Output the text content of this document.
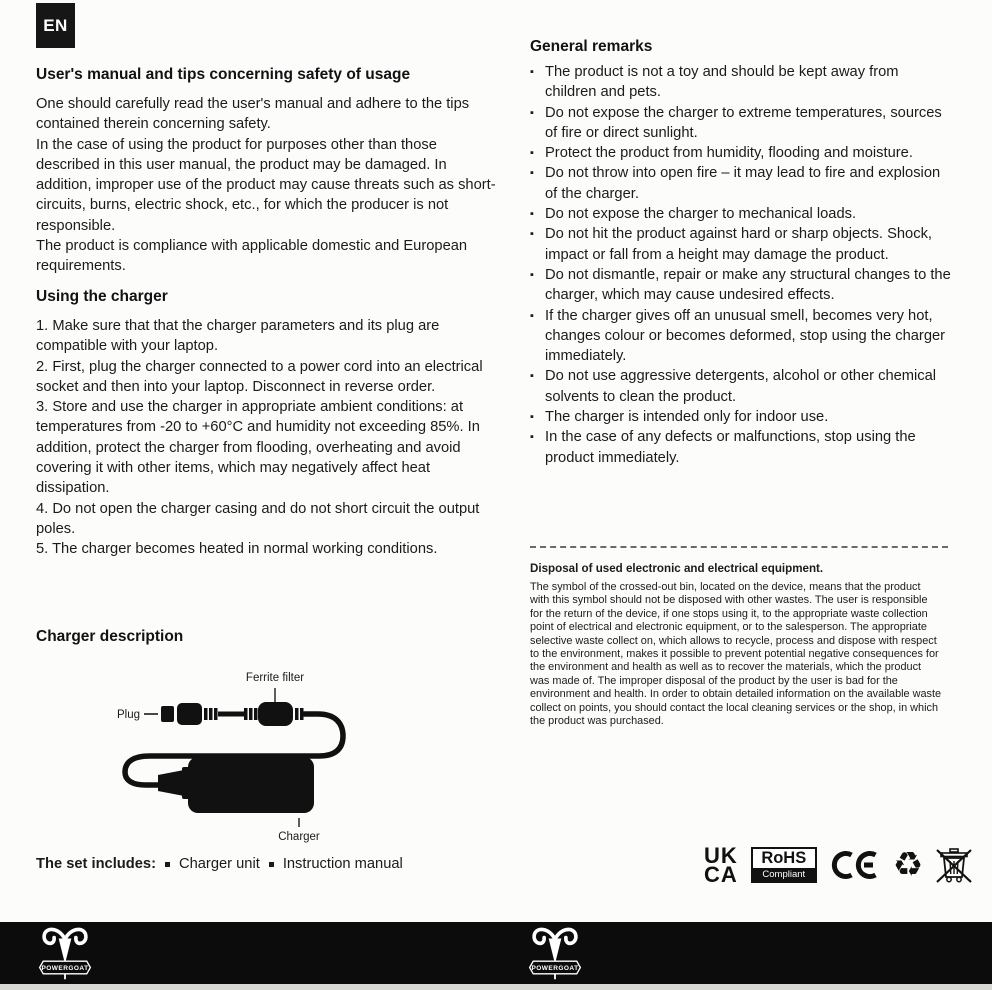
EN
User's manual and tips concerning safety of usage

One should carefully read the user's manual and adhere to the tips contained therein concerning safety.

In the case of using the product for purposes other than those described in this user manual, the product may be damaged. In addition, improper use of the product may cause threats such as short-circuits, burns, electric shock, etc., for which the producer is not responsible.

The product is compliance with applicable domestic and European requirements.

Using the charger

1. Make sure that that the charger parameters and its plug are compatible with your laptop.

2. First, plug the charger connected to a power cord into an electrical socket and then into your laptop. Disconnect in reverse order.

3. Store and use the charger in appropriate ambient conditions: at temperatures from -20 to +60°C and humidity not exceeding 85%. In addition, protect the charger from flooding, overheating and avoid covering it with other items, which may negatively affect heat dissipation.

4. Do not open the charger casing and do not short circuit the output poles.

5. The charger becomes heated in normal working conditions.

Charger description
Ferrite filter
Plug
Charger
The set includes: Charger unit Instruction manual
General remarks
▪ The product is not a toy and should be kept away from children and pets.
▪ Do not expose the charger to extreme temperatures, sources of fire or direct sunlight.
▪ Protect the product from humidity, flooding and moisture.
▪ Do not throw into open fire – it may lead to fire and explosion of the charger.
▪ Do not expose the charger to mechanical loads.
▪ Do not hit the product against hard or sharp objects. Shock, impact or fall from a height may damage the product.
▪ Do not dismantle, repair or make any structural changes to the charger, which may cause undesired effects.
▪ If the charger gives off an unusual smell, becomes very hot, changes colour or becomes deformed, stop using the charger immediately.
▪ Do not use aggressive detergents, alcohol or other chemical solvents to clean the product.
▪ The charger is intended only for indoor use.
▪ In the case of any defects or malfunctions, stop using the product immediately.

Disposal of used electronic and electrical equipment.

The symbol of the crossed-out bin, located on the device, means that the product with this symbol should not be disposed with other wastes. The user is responsible for the return of the device, if one stops using it, to the appropriate waste collection point of electrical and electronic equipment, or to the salesperson. The appropriate selective waste collect on, which allows to recycle, process and dispose with respect to the environment, makes it possible to prevent potential negative consequences for the environment and health as well as to recover the materials, which the product was made of. The improper disposal of the product by the user is bad for the environment and health. In order to obtain detailed information on the available waste collect on points, you should contact the local cleaning services or the shop, in which the product was purchased.

UK
CA
RoHS
Compliant	♻
POWERGOAT	POWERGOAT
